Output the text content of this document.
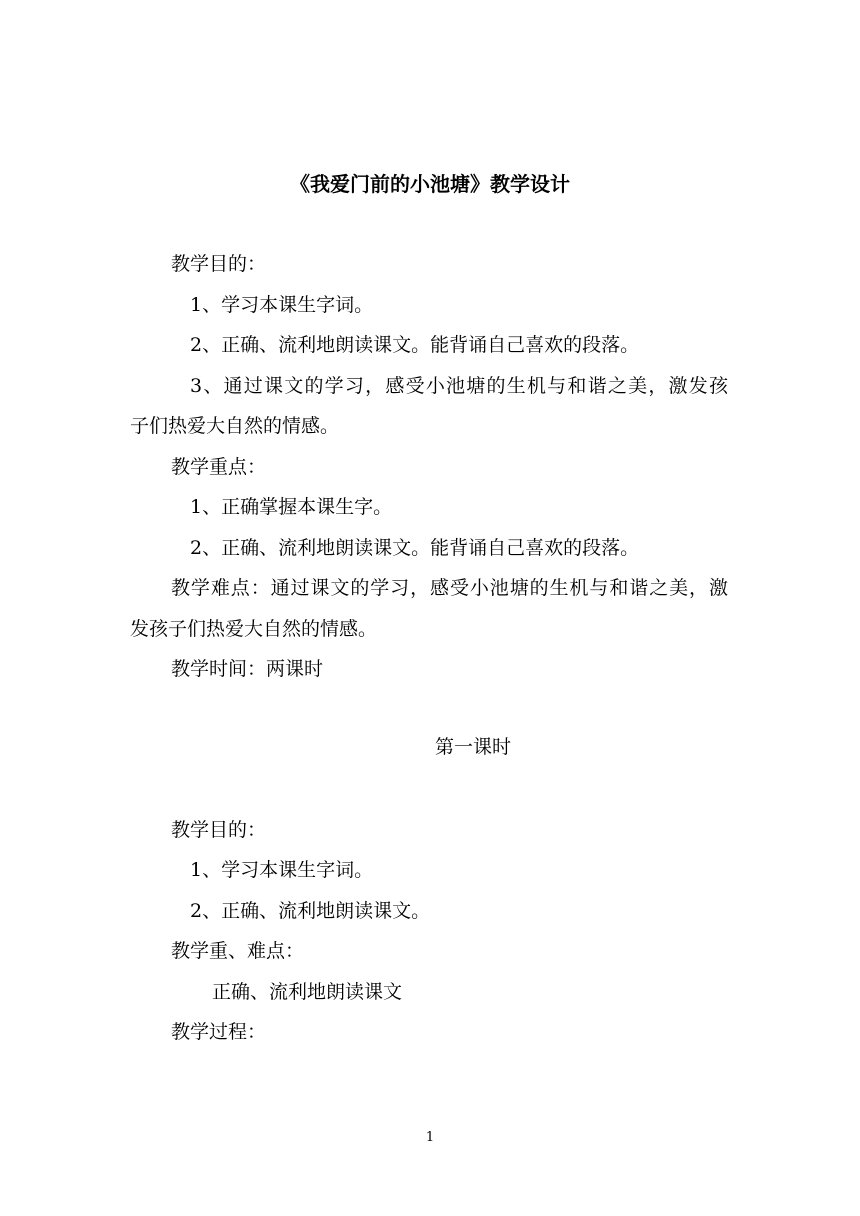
《我爱门前的小池塘》教学设计
教学目的：
1、学习本课生字词。
2、正确、流利地朗读课文。能背诵自己喜欢的段落。
3、通过课文的学习，感受小池塘的生机与和谐之美，激发孩
子们热爱大自然的情感。
教学重点：
1、正确掌握本课生字。
2、正确、流利地朗读课文。能背诵自己喜欢的段落。
教学难点：通过课文的学习，感受小池塘的生机与和谐之美，激
发孩子们热爱大自然的情感。
教学时间：两课时
第一课时
教学目的：
1、学习本课生字词。
2、正确、流利地朗读课文。
教学重、难点：
正确、流利地朗读课文
教学过程：
1
